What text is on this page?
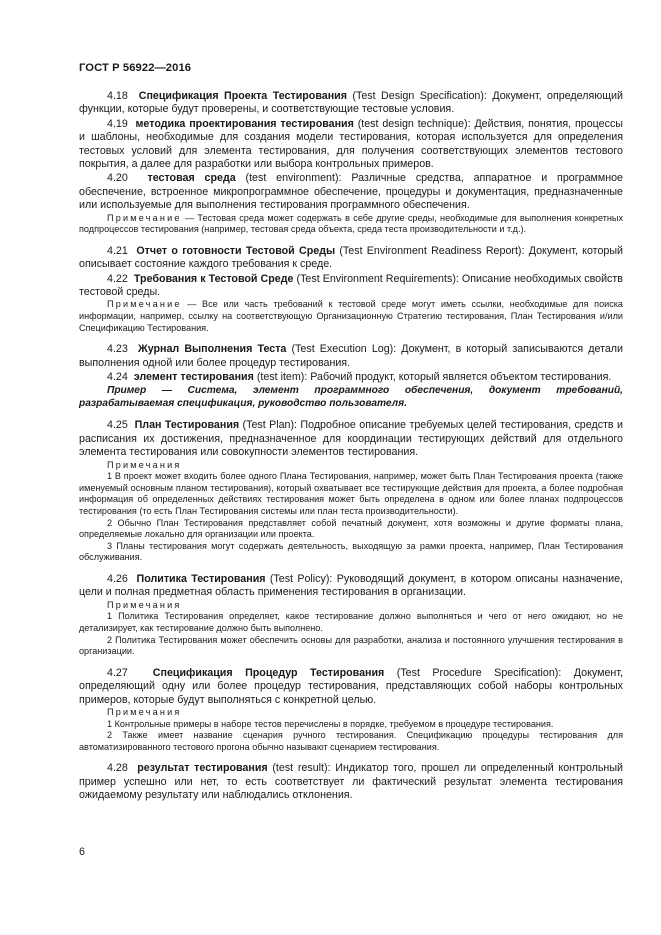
ГОСТ Р 56922—2016

4.18 Спецификация Проекта Тестирования (Test Design Specification): Документ, определяющий функции, которые будут проверены, и соответствующие тестовые условия.

4.19 методика проектирования тестирования (test design technique): Действия, понятия, процессы и шаблоны, необходимые для создания модели тестирования, которая используется для определения тестовых условий для элемента тестирования, для получения соответствующих элементов тестового покрытия, а далее для разработки или выбора контрольных примеров.

4.20 тестовая среда (test environment): Различные средства, аппаратное и программное обеспечение, встроенное микропрограммное обеспечение, процедуры и документация, предназначенные или используемые для выполнения тестирования программного обеспечения.

Примечание — Тестовая среда может содержать в себе другие среды, необходимые для выполнения конкретных подпроцессов тестирования (например, тестовая среда объекта, среда теста производительности и т.д.).

4.21 Отчет о готовности Тестовой Среды (Test Environment Readiness Report): Документ, который описывает состояние каждого требования к среде.

4.22 Требования к Тестовой Среде (Test Environment Requirements): Описание необходимых свойств тестовой среды.

Примечание — Все или часть требований к тестовой среде могут иметь ссылки, необходимые для поиска информации, например, ссылку на соответствующую Организационную Стратегию тестирования, План Тестирования и/или Спецификацию Тестирования.

4.23 Журнал Выполнения Теста (Test Execution Log): Документ, в который записываются детали выполнения одной или более процедур тестирования.

4.24 элемент тестирования (test item): Рабочий продукт, который является объектом тестирования.

Пример — Система, элемент программного обеспечения, документ требований, разрабатываемая спецификация, руководство пользователя.

4.25 План Тестирования (Test Plan): Подробное описание требуемых целей тестирования, средств и расписания их достижения, предназначенное для координации тестирующих действий для отдельного элемента тестирования или совокупности элементов тестирования.

Примечания

1 В проект может входить более одного Плана Тестирования, например, может быть План Тестирования проекта (также именуемый основным планом тестирования), который охватывает все тестирующие действия для проекта, а более подробная информация об определенных действиях тестирования может быть определена в одном или более планах подпроцессов тестирования (то есть План Тестирования системы или план теста производительности).

2 Обычно План Тестирования представляет собой печатный документ, хотя возможны и другие форматы плана, определяемые локально для организации или проекта.

3 Планы тестирования могут содержать деятельность, выходящую за рамки проекта, например, План Тестирования обслуживания.

4.26 Политика Тестирования (Test Policy): Руководящий документ, в котором описаны назначение, цели и полная предметная область применения тестирования в организации.

Примечания

1 Политика Тестирования определяет, какое тестирование должно выполняться и чего от него ожидают, но не детализирует, как тестирование должно быть выполнено.

2 Политика Тестирования может обеспечить основы для разработки, анализа и постоянного улучшения тестирования в организации.

4.27 Спецификация Процедур Тестирования (Test Procedure Specification): Документ, определяющий одну или более процедур тестирования, представляющих собой наборы контрольных примеров, которые будут выполняться с конкретной целью.

Примечания

1 Контрольные примеры в наборе тестов перечислены в порядке, требуемом в процедуре тестирования.

2 Также имеет название сценария ручного тестирования. Спецификацию процедуры тестирования для автоматизированного тестового прогона обычно называют сценарием тестирования.

4.28 результат тестирования (test result): Индикатор того, прошел ли определенный контрольный пример успешно или нет, то есть соответствует ли фактический результат элемента тестирования ожидаемому результату или наблюдались отклонения.

6
